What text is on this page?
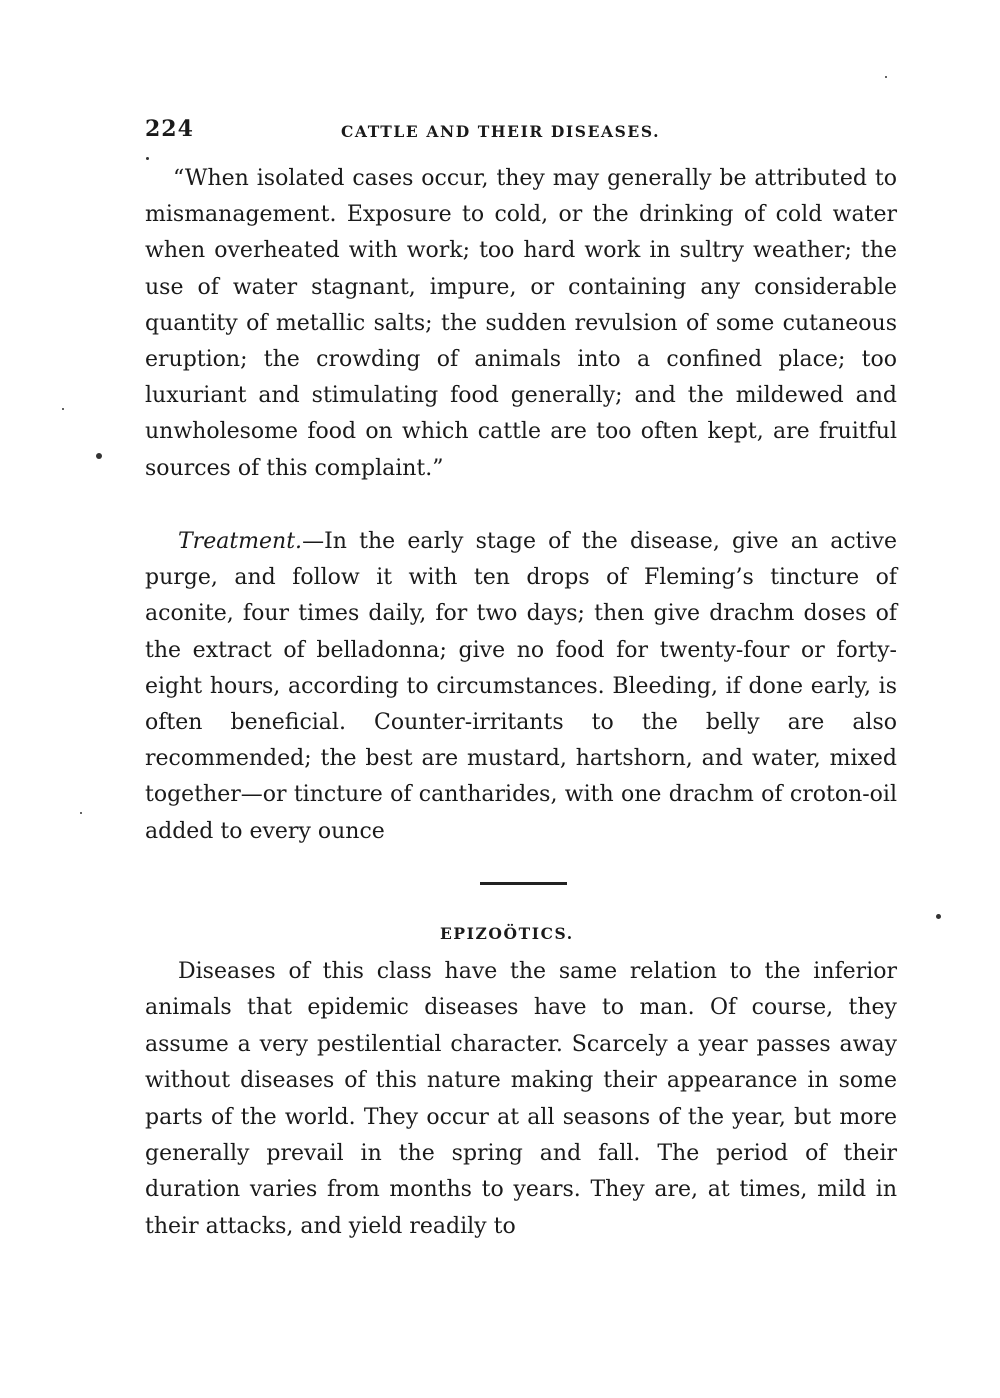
224	CATTLE AND THEIR DISEASES.

“When isolated cases occur, they may generally be attributed to mismanagement. Exposure to cold, or the drinking of cold water when overheated with work; too hard work in sultry weather; the use of water stagnant, impure, or containing any considerable quantity of metallic salts; the sudden revulsion of some cutaneous eruption; the crowding of animals into a confined place; too luxuriant and stimulating food generally; and the mildewed and unwholesome food on which cattle are too often kept, are fruitful sources of this complaint.”

Treatment.—In the early stage of the disease, give an active purge, and follow it with ten drops of Fleming’s tincture of aconite, four times daily, for two days; then give drachm doses of the extract of belladonna; give no food for twenty-four or forty-eight hours, according to circumstances. Bleeding, if done early, is often beneficial. Counter-irritants to the belly are also recommended; the best are mustard, hartshorn, and water, mixed together—or tincture of cantharides, with one drachm of croton-oil added to every ounce

EPIZOÖTICS.

Diseases of this class have the same relation to the inferior animals that epidemic diseases have to man. Of course, they assume a very pestilential character. Scarcely a year passes away without diseases of this nature making their appearance in some parts of the world. They occur at all seasons of the year, but more generally prevail in the spring and fall. The period of their duration varies from months to years. They are, at times, mild in their attacks, and yield readily to
